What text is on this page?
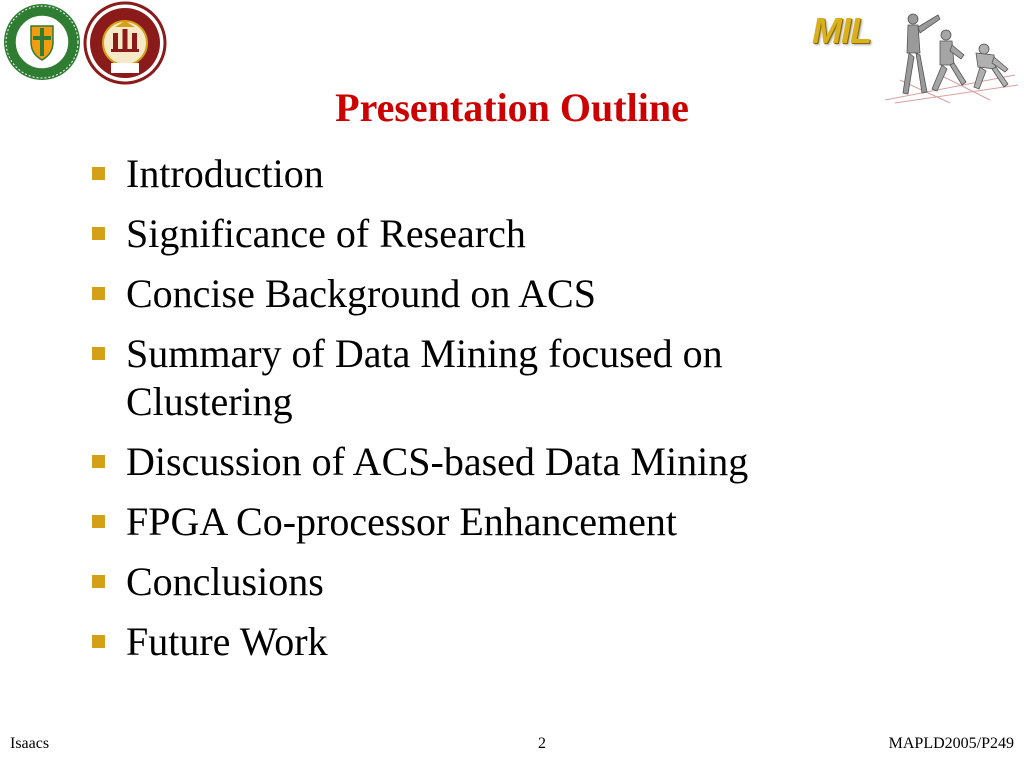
MIL
Presentation Outline
Introduction
Significance of Research
Concise Background on ACS
Summary of Data Mining focused on Clustering
Discussion of ACS-based Data Mining
FPGA Co-processor Enhancement
Conclusions
Future Work
Isaacs	2	MAPLD2005/P249
